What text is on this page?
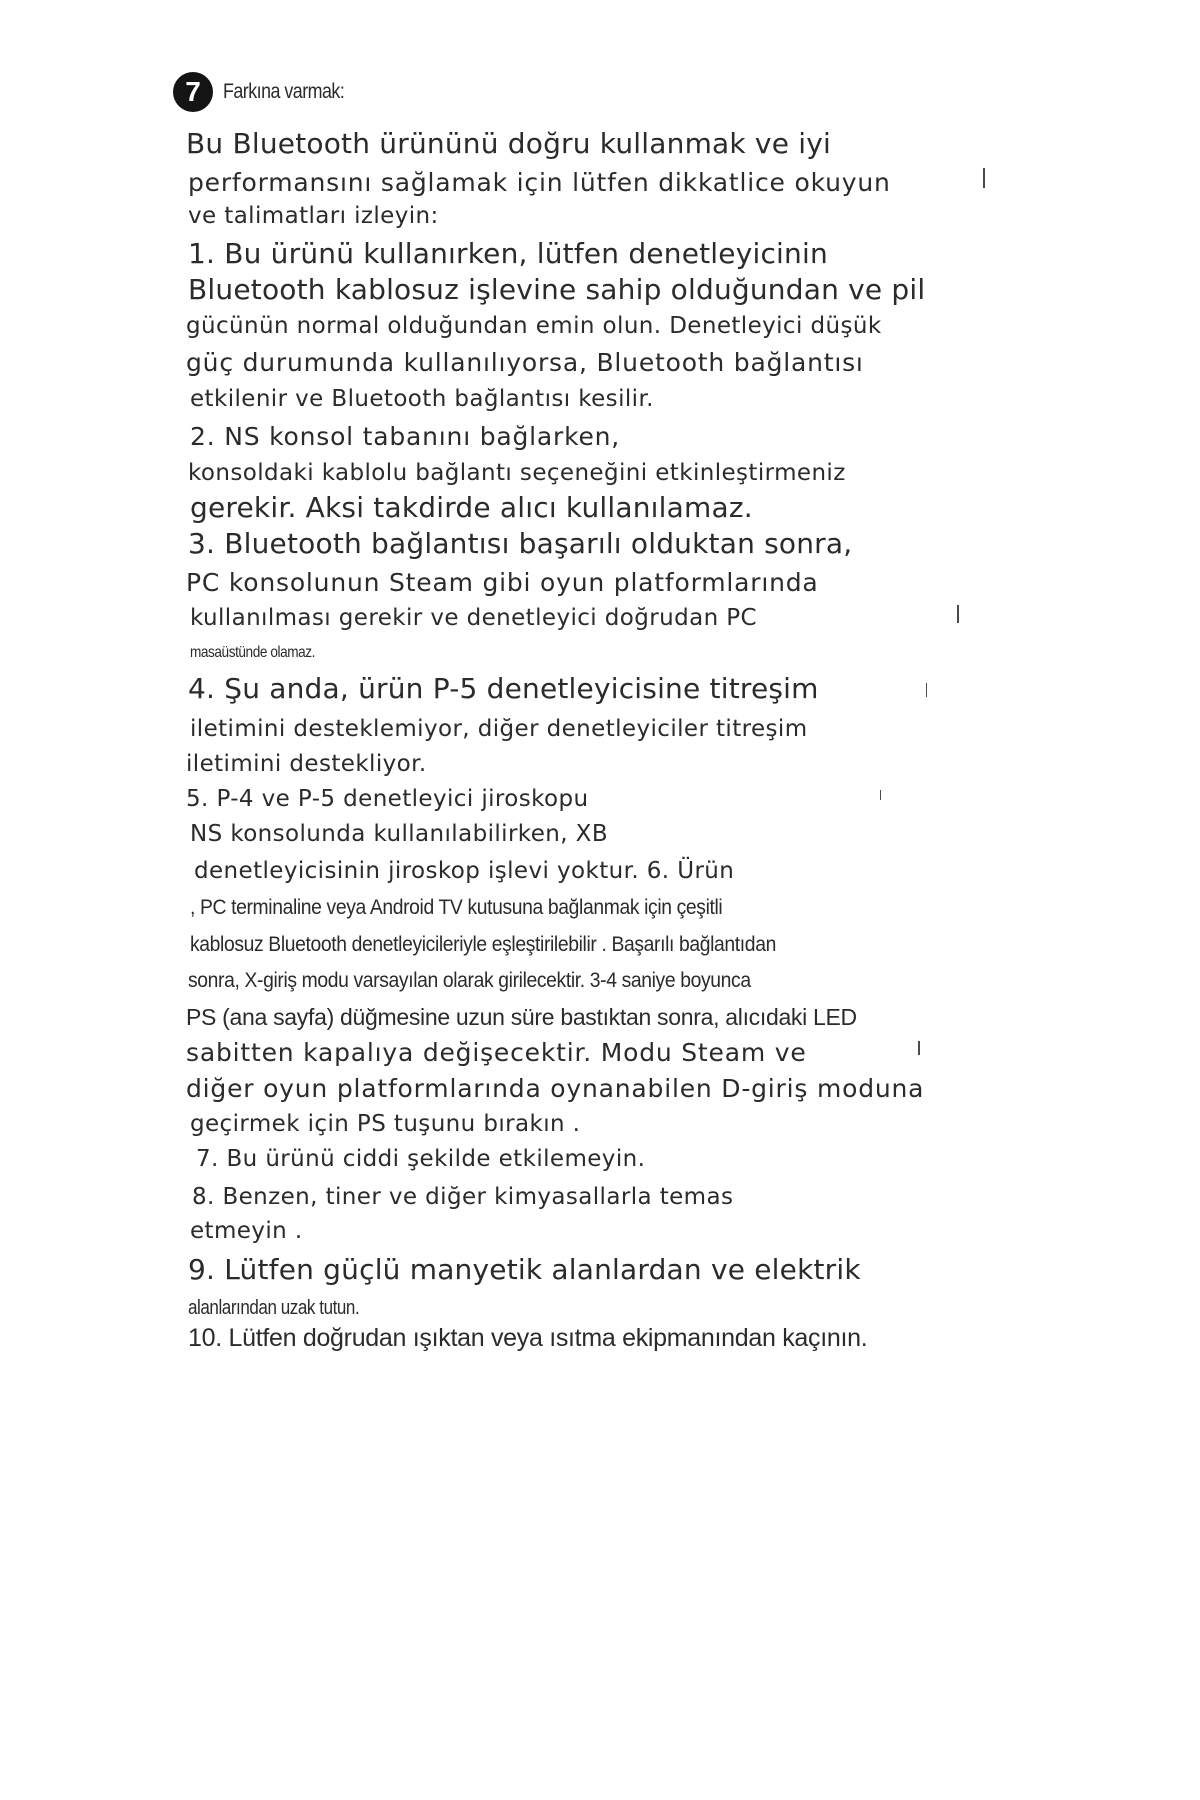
7	Farkına varmak:
Bu Bluetooth ürününü doğru kullanmak ve iyi
performansını sağlamak için lütfen dikkatlice okuyun
ve talimatları izleyin:
1. Bu ürünü kullanırken, lütfen denetleyicinin
Bluetooth kablosuz işlevine sahip olduğundan ve pil
gücünün normal olduğundan emin olun. Denetleyici düşük
güç durumunda kullanılıyorsa, Bluetooth bağlantısı
etkilenir ve Bluetooth bağlantısı kesilir.
2. NS konsol tabanını bağlarken,
konsoldaki kablolu bağlantı seçeneğini etkinleştirmeniz
gerekir. Aksi takdirde alıcı kullanılamaz.
3. Bluetooth bağlantısı başarılı olduktan sonra,
PC konsolunun Steam gibi oyun platformlarında
kullanılması gerekir ve denetleyici doğrudan PC
masaüstünde olamaz.
4. Şu anda, ürün P-5 denetleyicisine titreşim
iletimini desteklemiyor, diğer denetleyiciler titreşim
iletimini destekliyor.
5. P-4 ve P-5 denetleyici jiroskopu
NS konsolunda kullanılabilirken, XB
denetleyicisinin jiroskop işlevi yoktur. 6. Ürün
, PC terminaline veya Android TV kutusuna bağlanmak için çeşitli
kablosuz Bluetooth denetleyicileriyle eşleştirilebilir . Başarılı bağlantıdan
sonra, X-giriş modu varsayılan olarak girilecektir. 3-4 saniye boyunca
PS (ana sayfa) düğmesine uzun süre bastıktan sonra, alıcıdaki LED
sabitten kapalıya değişecektir. Modu Steam ve
diğer oyun platformlarında oynanabilen D-giriş moduna
geçirmek için PS tuşunu bırakın .
7. Bu ürünü ciddi şekilde etkilemeyin.
8. Benzen, tiner ve diğer kimyasallarla temas
etmeyin .
9. Lütfen güçlü manyetik alanlardan ve elektrik
alanlarından uzak tutun.
10. Lütfen doğrudan ışıktan veya ısıtma ekipmanından kaçının.
